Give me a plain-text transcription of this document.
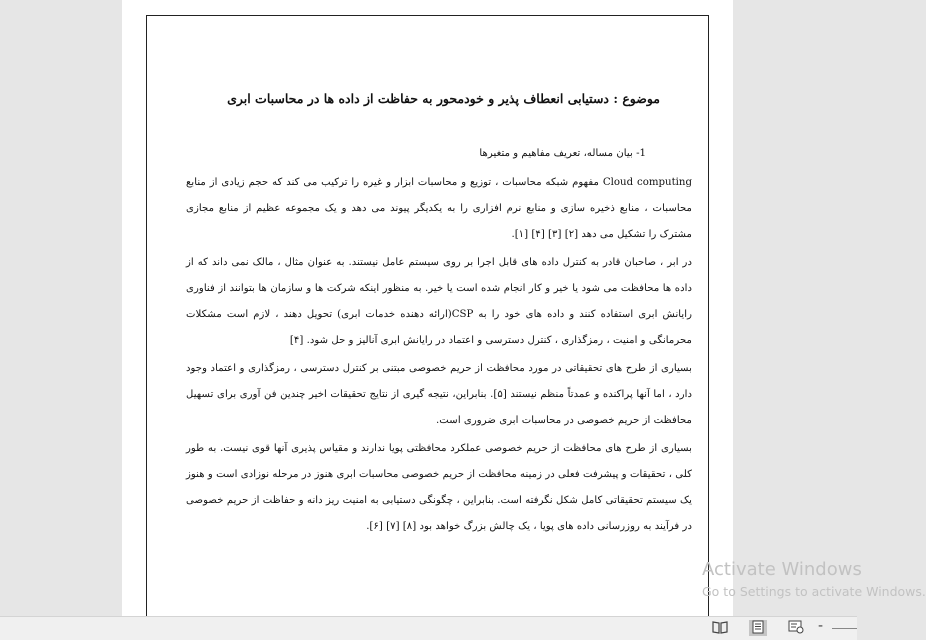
موضوع : دستیابی انعطاف پذیر و خودمحور به حفاظت از داده ها در محاسبات ابری

1- بیان مساله، تعریف مفاهیم و متغیرها

Cloud computing مفهوم شبکه محاسبات ، توزیع و محاسبات ابزار و غیره را ترکیب می کند که حجم زیادی از منابع محاسبات ، منابع ذخیره سازی و منابع نرم افزاری را به یکدیگر پیوند می دهد و یک مجموعه عظیم از منابع مجازی مشترک را تشکیل می دهد [۲] [۳] [۴] [۱].

در ابر ، صاحبان قادر به کنترل داده های قابل اجرا بر روی سیستم عامل نیستند. به عنوان مثال ، مالک نمی داند که از داده ها محافظت می شود یا خیر و کار انجام شده است یا خیر. به منظور اینکه شرکت ها و سازمان ها بتوانند از فناوری رایانش ابری استفاده کنند و داده های خود را به CSP(ارائه دهنده خدمات ابری) تحویل دهند ، لازم است مشکلات محرمانگی و امنیت ، رمزگذاری ، کنترل دسترسی و اعتماد در رایانش ابری آنالیز و حل شود. [۴]

بسیاری از طرح های تحقیقاتی در مورد محافظت از حریم خصوصی مبتنی بر کنترل دسترسی ، رمزگذاری و اعتماد وجود دارد ، اما آنها پراکنده و عمدتاً منظم نیستند [۵]. بنابراین، نتیجه گیری از نتایج تحقیقات اخیر چندین فن آوری برای تسهیل محافظت از حریم خصوصی در محاسبات ابری ضروری است.

بسیاری از طرح های محافظت از حریم خصوصی عملکرد محافظتی پویا ندارند و مقیاس پذیری آنها قوی نیست. به طور کلی ، تحقیقات و پیشرفت فعلی در زمینه محافظت از حریم خصوصی محاسبات ابری هنوز در مرحله نوزادی است و هنوز یک سیستم تحقیقاتی کامل شکل نگرفته است. بنابراین ، چگونگی دستیابی به امنیت ریز دانه و حفاظت از حریم خصوصی در فرآیند به روزرسانی داده های پویا ، یک چالش بزرگ خواهد بود [۸] [۷] [۶].

Activate Windows
Go to Settings to activate Windows.
-
